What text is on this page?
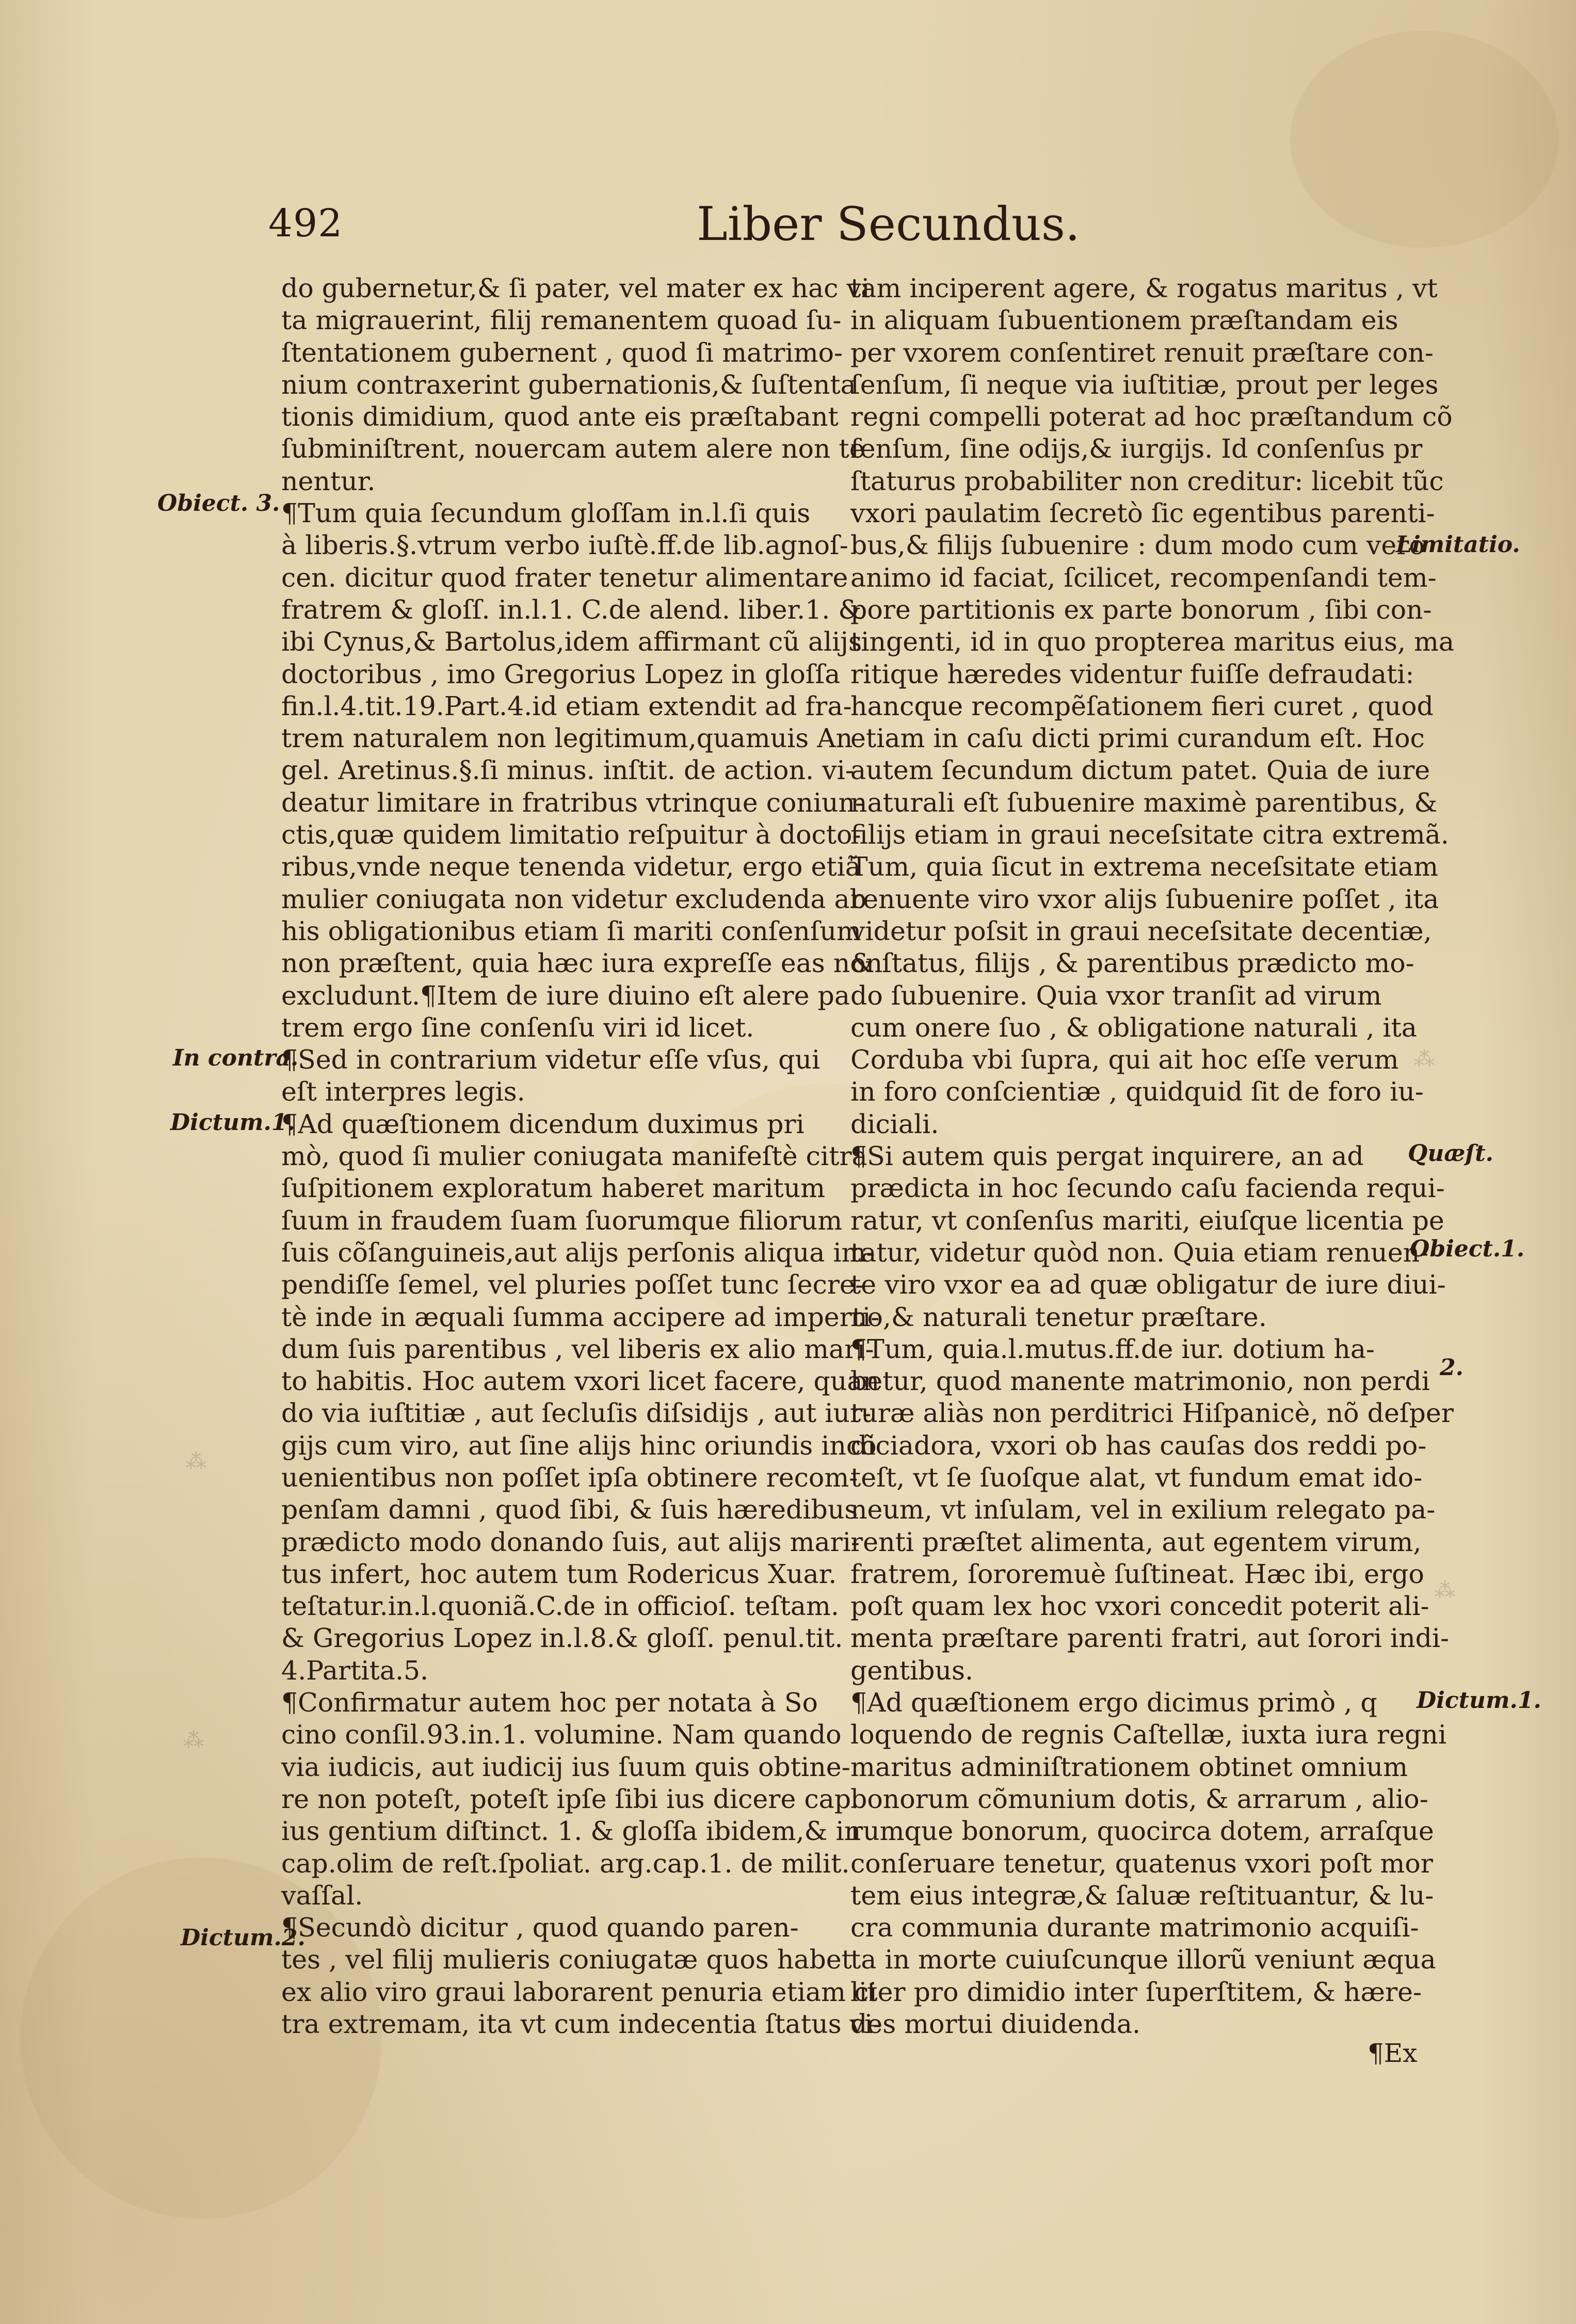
492	Liber Secundus.
do gubernetur,& ſi pater, vel mater ex hac vi
ta migrauerint, filij remanentem quoad ſu-
ſtentationem gubernent , quod ſi matrimo-
nium contraxerint gubernationis,& ſuſtenta
tionis dimidium, quod ante eis præſtabant
ſubminiſtrent, nouercam autem alere non te
nentur.
¶Tum quia ſecundum gloſſam in.l.ſi quis
à liberis.§.vtrum verbo iuſtè.ff.de lib.agnoſ-
cen. dicitur quod frater tenetur alimentare
fratrem & gloſſ. in.l.1. C.de alend. liber.1. &
ibi Cynus,& Bartolus,idem affirmant cũ alijs
doctoribus , imo Gregorius Lopez in gloſſa
fin.l.4.tit.19.Part.4.id etiam extendit ad fra-
trem naturalem non legitimum,quamuis An
gel. Aretinus.§.ſi minus. inſtit. de action. vi-
deatur limitare in fratribus vtrinque coniun-
ctis,quæ quidem limitatio reſpuitur à docto-
ribus,vnde neque tenenda videtur, ergo etiã
mulier coniugata non videtur excludenda ab
his obligationibus etiam ſi mariti conſenſum
non præſtent, quia hæc iura expreſſe eas non
excludunt.¶Item de iure diuino eſt alere pa
trem ergo ſine conſenſu viri id licet.
¶Sed in contrarium videtur eſſe vſus, qui
eſt interpres legis.
¶Ad quæſtionem dicendum duximus pri
mò, quod ſi mulier coniugata manifeſtè citra
ſuſpitionem exploratum haberet maritum
ſuum in fraudem ſuam ſuorumque filiorum
ſuis cõſanguineis,aut alijs perſonis aliqua im-
pendiſſe ſemel, vel pluries poſſet tunc ſecre-
tè inde in æquali ſumma accipere ad imperti-
dum ſuis parentibus , vel liberis ex alio mari-
to habitis. Hoc autem vxori licet facere, quan
do via iuſtitiæ , aut ſecluſis diſsidijs , aut iur-
gijs cum viro, aut ſine alijs hinc oriundis incõ
uenientibus non poſſet ipſa obtinere recom-
penſam damni , quod ſibi, & ſuis hæredibus
prædicto modo donando ſuis, aut alijs mari-
tus infert, hoc autem tum Rodericus Xuar.
teſtatur.in.l.quoniã.C.de in officioſ. teſtam.
& Gregorius Lopez in.l.8.& gloſſ. penul.tit.
4.Partita.5.
¶Confirmatur autem hoc per notata à So
cino conſil.93.in.1. volumine. Nam quando
via iudicis, aut iudicij ius ſuum quis obtine-
re non poteſt, poteſt ipſe ſibi ius dicere cap.
ius gentium diſtinct. 1. & gloſſa ibidem,& in
cap.olim de reſt.ſpoliat. arg.cap.1. de milit.
vaſſal.
¶Secundò dicitur , quod quando paren-
tes , vel filij mulieris coniugatæ quos habet
ex alio viro graui laborarent penuria etiam ci
tra extremam, ita vt cum indecentia ſtatus vi-
tam inciperent agere, & rogatus maritus , vt
in aliquam ſubuentionem præſtandam eis
per vxorem conſentiret renuit præſtare con-
ſenſum, ſi neque via iuſtitiæ, prout per leges
regni compelli poterat ad hoc præſtandum cõ
ſenſum, ſine odijs,& iurgijs. Id conſenſus pr
ſtaturus probabiliter non creditur: licebit tũc
vxori paulatim ſecretò ſic egentibus parenti-
bus,& filijs ſubuenire : dum modo cum vero
animo id faciat, ſcilicet, recompenſandi tem-
pore partitionis ex parte bonorum , ſibi con-
tingenti, id in quo propterea maritus eius, ma
ritique hæredes videntur fuiſſe defraudati:
hancque recompẽſationem fieri curet , quod
etiam in caſu dicti primi curandum eſt. Hoc
autem ſecundum dictum patet. Quia de iure
naturali eſt ſubuenire maximè parentibus, &
filijs etiam in graui neceſsitate citra extremã.
Tum, quia ſicut in extrema neceſsitate etiam
renuente viro vxor alijs ſubuenire poſſet , ita
videtur poſsit in graui neceſsitate decentiæ,
& ſtatus, filijs , & parentibus prædicto mo-
do ſubuenire. Quia vxor tranſit ad virum
cum onere ſuo , & obligatione naturali , ita
Corduba vbi ſupra, qui ait hoc eſſe verum
in foro conſcientiæ , quidquid ſit de foro iu-
diciali.
¶Si autem quis pergat inquirere, an ad
prædicta in hoc ſecundo caſu facienda requi-
ratur, vt conſenſus mariti, eiuſque licentia pe
tatur, videtur quòd non. Quia etiam renuen-
te viro vxor ea ad quæ obligatur de iure diui-
no,& naturali tenetur præſtare.
¶Tum, quia.l.mutus.ff.de iur. dotium ha-
betur, quod manente matrimonio, non perdi
turæ aliàs non perditrici Hiſpanicè, nõ deſper
diciadora, vxori ob has cauſas dos reddi po-
teſt, vt ſe ſuoſque alat, vt fundum emat ido-
neum, vt inſulam, vel in exilium relegato pa-
renti præſtet alimenta, aut egentem virum,
fratrem, ſororemuè ſuſtineat. Hæc ibi, ergo
poſt quam lex hoc vxori concedit poterit ali-
menta præſtare parenti fratri, aut ſorori indi-
gentibus.
¶Ad quæſtionem ergo dicimus primò , q
loquendo de regnis Caſtellæ, iuxta iura regni
maritus adminiſtrationem obtinet omnium
bonorum cõmunium dotis, & arrarum , alio-
rumque bonorum, quocirca dotem, arraſque
conſeruare tenetur, quatenus vxori poſt mor
tem eius integræ,& ſaluæ reſtituantur, & lu-
cra communia durante matrimonio acquiſi-
ta in morte cuiuſcunque illorũ veniunt æqua
liter pro dimidio inter ſuperſtitem, & hære-
des mortui diuidenda.
¶Ex
Obiect. 3.
In contra.
Dictum.1.
Dictum.2.
Limitatio.
Quæſt.
Obiect.1.
2.
Dictum.1.
⁂
⁂
⁂
⁂
